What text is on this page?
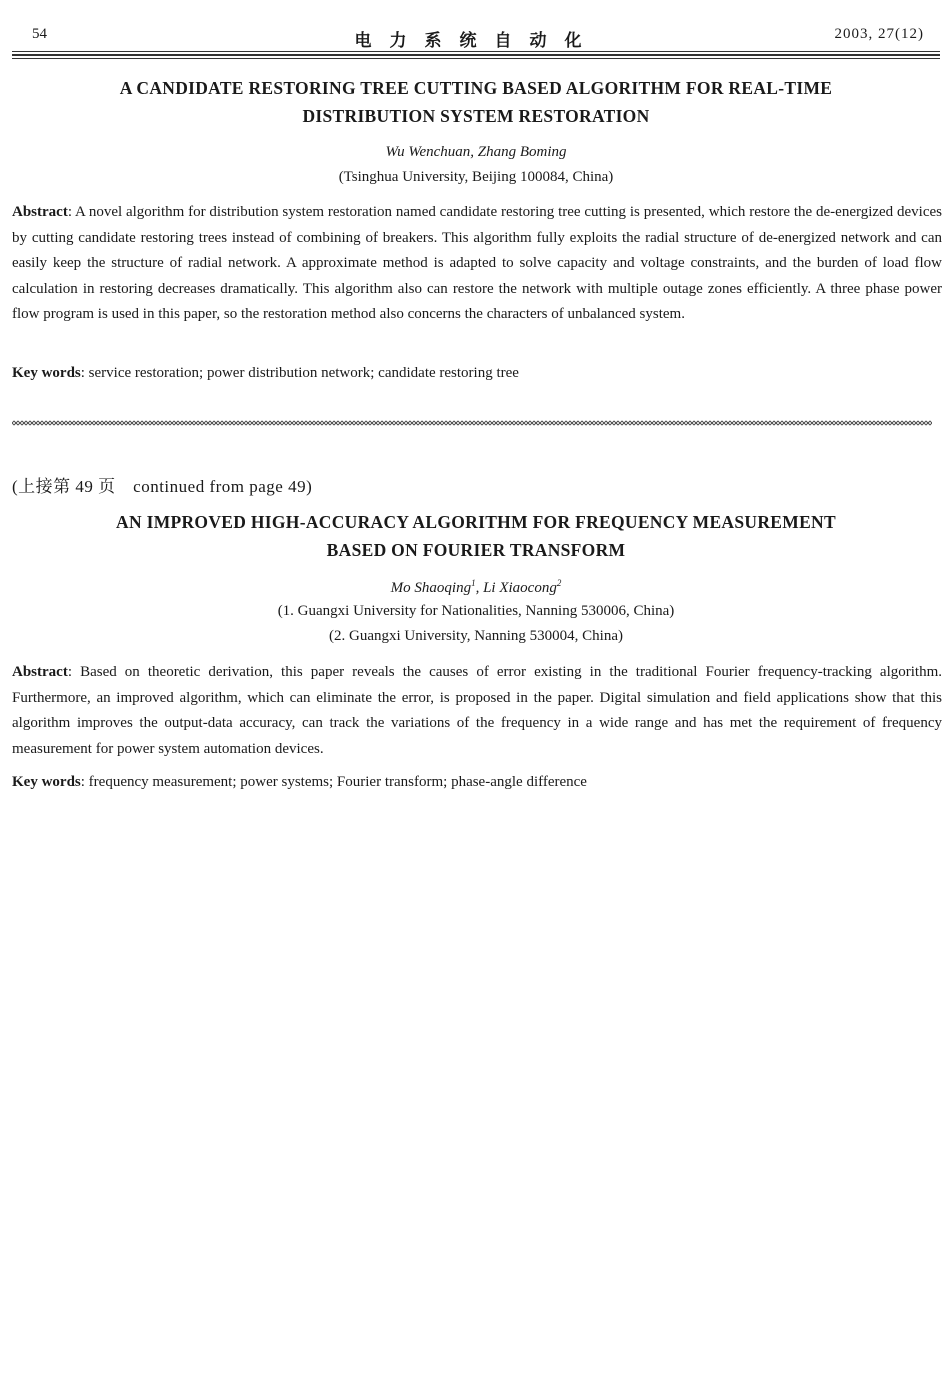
54	电力系统自动化	2003, 27(12)
A CANDIDATE RESTORING TREE CUTTING BASED ALGORITHM FOR REAL-TIME
DISTRIBUTION SYSTEM RESTORATION
Wu Wenchuan, Zhang Boming
(Tsinghua University, Beijing 100084, China)
Abstract: A novel algorithm for distribution system restoration named candidate restoring tree cutting is presented, which restore the de-energized devices by cutting candidate restoring trees instead of combining of breakers. This algorithm fully exploits the radial structure of de-energized network and can easily keep the structure of radial network. A approximate method is adapted to solve capacity and voltage constraints, and the burden of load flow calculation in restoring decreases dramatically. This algorithm also can restore the network with multiple outage zones efficiently. A three phase power flow program is used in this paper, so the restoration method also concerns the characters of unbalanced system.
Key words: service restoration; power distribution network; candidate restoring tree
(上接第 49 页　continued from page 49)
AN IMPROVED HIGH-ACCURACY ALGORITHM FOR FREQUENCY MEASUREMENT
BASED ON FOURIER TRANSFORM
Mo Shaoqing$^1$, Li Xiaocong$^2$
(1. Guangxi University for Nationalities, Nanning 530006, China)
(2. Guangxi University, Nanning 530004, China)
Abstract: Based on theoretic derivation, this paper reveals the causes of error existing in the traditional Fourier frequency-tracking algorithm. Furthermore, an improved algorithm, which can eliminate the error, is proposed in the paper. Digital simulation and field applications show that this algorithm improves the output-data accuracy, can track the variations of the frequency in a wide range and has met the requirement of frequency measurement for power system automation devices.
Key words: frequency measurement; power systems; Fourier transform; phase-angle difference
